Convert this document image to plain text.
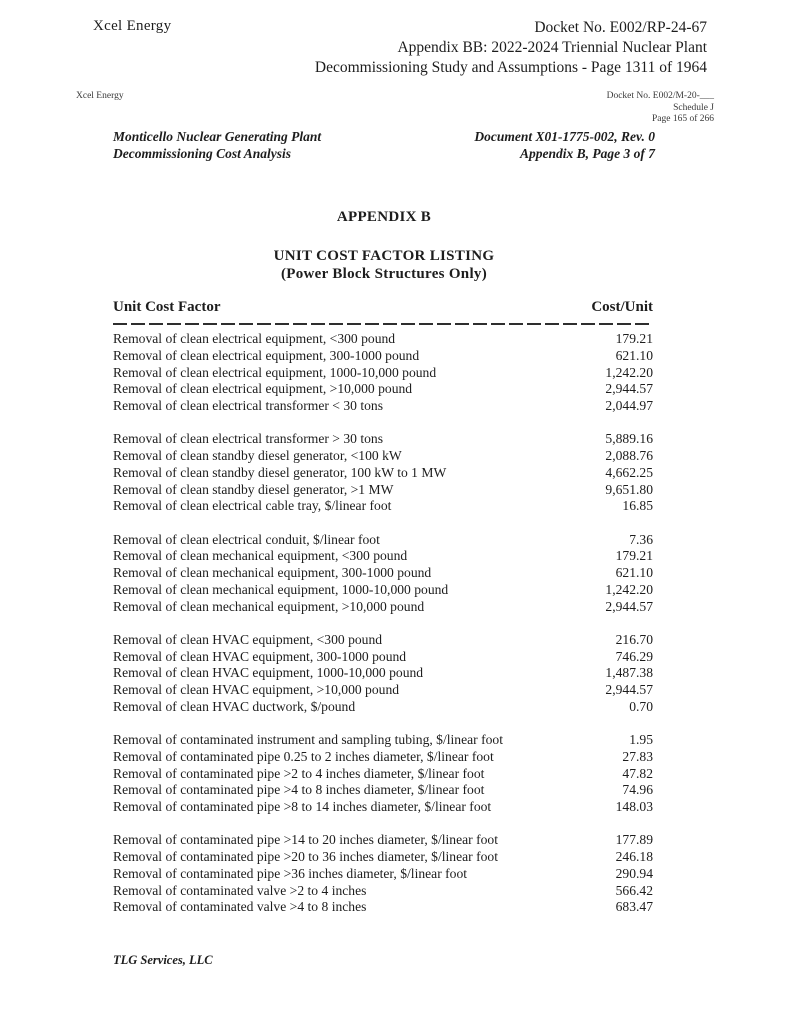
Xcel Energy	Docket No. E002/RP-24-67
Appendix BB: 2022-2024 Triennial Nuclear Plant
Decommissioning Study and Assumptions - Page 1311 of 1964
Xcel Energy	Docket No. E002/M-20-___
Schedule J
Page 165 of 266
Monticello Nuclear Generating Plant
Decommissioning Cost Analysis
Document X01-1775-002, Rev. 0
Appendix B, Page 3 of 7
APPENDIX B
UNIT COST FACTOR LISTING
(Power Block Structures Only)
Unit Cost Factor	Cost/Unit
Removal of clean electrical equipment, <300 pound	179.21
Removal of clean electrical equipment, 300-1000 pound	621.10
Removal of clean electrical equipment, 1000-10,000 pound	1,242.20
Removal of clean electrical equipment, >10,000 pound	2,944.57
Removal of clean electrical transformer < 30 tons	2,044.97
Removal of clean electrical transformer > 30 tons	5,889.16
Removal of clean standby diesel generator, <100 kW	2,088.76
Removal of clean standby diesel generator, 100 kW to 1 MW	4,662.25
Removal of clean standby diesel generator, >1 MW	9,651.80
Removal of clean electrical cable tray, $/linear foot	16.85
Removal of clean electrical conduit, $/linear foot	7.36
Removal of clean mechanical equipment, <300 pound	179.21
Removal of clean mechanical equipment, 300-1000 pound	621.10
Removal of clean mechanical equipment, 1000-10,000 pound	1,242.20
Removal of clean mechanical equipment, >10,000 pound	2,944.57
Removal of clean HVAC equipment, <300 pound	216.70
Removal of clean HVAC equipment, 300-1000 pound	746.29
Removal of clean HVAC equipment, 1000-10,000 pound	1,487.38
Removal of clean HVAC equipment, >10,000 pound	2,944.57
Removal of clean HVAC ductwork, $/pound	0.70
Removal of contaminated instrument and sampling tubing, $/linear foot	1.95
Removal of contaminated pipe 0.25 to 2 inches diameter, $/linear foot	27.83
Removal of contaminated pipe >2 to 4 inches diameter, $/linear foot	47.82
Removal of contaminated pipe >4 to 8 inches diameter, $/linear foot	74.96
Removal of contaminated pipe >8 to 14 inches diameter, $/linear foot	148.03
Removal of contaminated pipe >14 to 20 inches diameter, $/linear foot	177.89
Removal of contaminated pipe >20 to 36 inches diameter, $/linear foot	246.18
Removal of contaminated pipe >36 inches diameter, $/linear foot	290.94
Removal of contaminated valve >2 to 4 inches	566.42
Removal of contaminated valve >4 to 8 inches	683.47
TLG Services, LLC
